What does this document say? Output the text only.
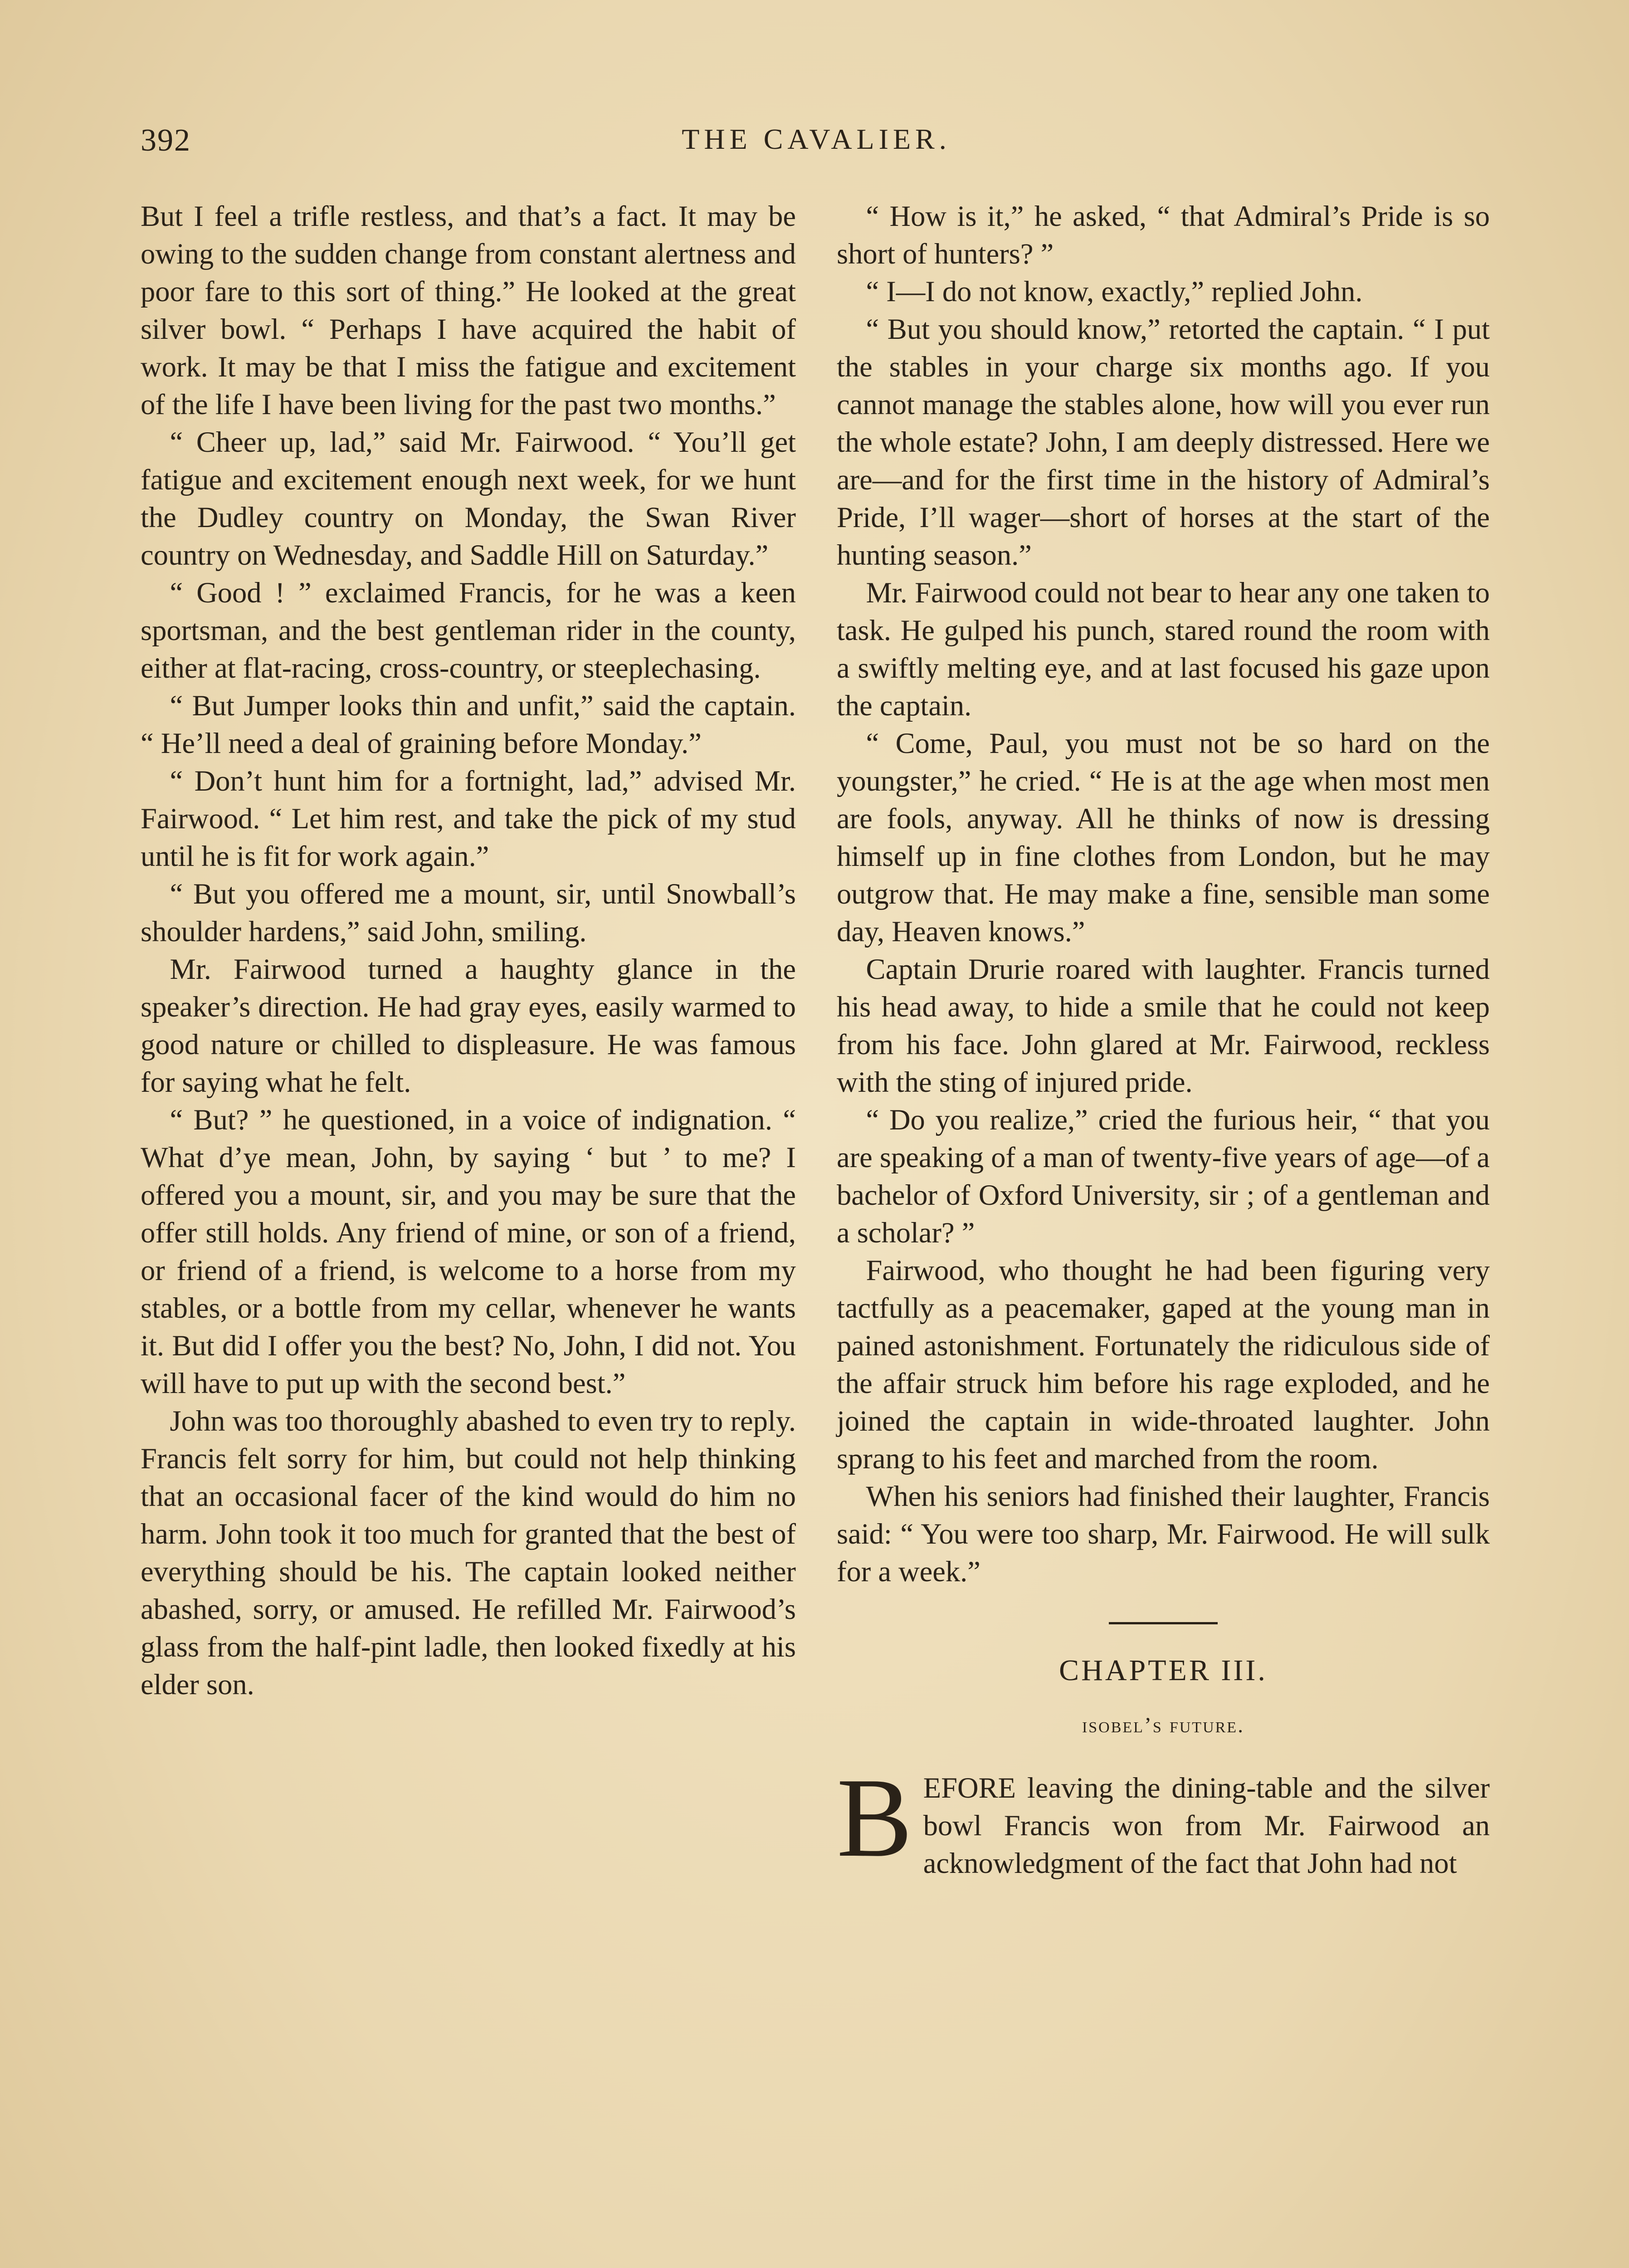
392	THE CAVALIER.

But I feel a trifle restless, and that’s a fact. It may be owing to the sudden change from constant alertness and poor fare to this sort of thing.” He looked at the great silver bowl. “ Perhaps I have acquired the habit of work. It may be that I miss the fatigue and excitement of the life I have been living for the past two months.”

“ Cheer up, lad,” said Mr. Fairwood. “ You’ll get fatigue and excitement enough next week, for we hunt the Dudley country on Monday, the Swan River country on Wednesday, and Saddle Hill on Saturday.”

“ Good ! ” exclaimed Francis, for he was a keen sportsman, and the best gentleman rider in the county, either at flat-racing, cross-country, or steeplechasing.

“ But Jumper looks thin and unfit,” said the captain. “ He’ll need a deal of graining before Monday.”

“ Don’t hunt him for a fortnight, lad,” advised Mr. Fairwood. “ Let him rest, and take the pick of my stud until he is fit for work again.”

“ But you offered me a mount, sir, until Snowball’s shoulder hardens,” said John, smiling.

Mr. Fairwood turned a haughty glance in the speaker’s direction. He had gray eyes, easily warmed to good nature or chilled to displeasure. He was famous for saying what he felt.

“ But? ” he questioned, in a voice of indignation. “ What d’ye mean, John, by saying ‘ but ’ to me? I offered you a mount, sir, and you may be sure that the offer still holds. Any friend of mine, or son of a friend, or friend of a friend, is welcome to a horse from my stables, or a bottle from my cellar, whenever he wants it. But did I offer you the best? No, John, I did not. You will have to put up with the second best.”

John was too thoroughly abashed to even try to reply. Francis felt sorry for him, but could not help thinking that an occasional facer of the kind would do him no harm. John took it too much for granted that the best of everything should be his. The captain looked neither abashed, sorry, or amused. He refilled Mr. Fairwood’s glass from the half-pint ladle, then looked fixedly at his elder son.

“ How is it,” he asked, “ that Admiral’s Pride is so short of hunters? ”

“ I—I do not know, exactly,” replied John.

“ But you should know,” retorted the captain. “ I put the stables in your charge six months ago. If you cannot manage the stables alone, how will you ever run the whole estate? John, I am deeply distressed. Here we are—and for the first time in the history of Admiral’s Pride, I’ll wager—short of horses at the start of the hunting season.”

Mr. Fairwood could not bear to hear any one taken to task. He gulped his punch, stared round the room with a swiftly melting eye, and at last focused his gaze upon the captain.

“ Come, Paul, you must not be so hard on the youngster,” he cried. “ He is at the age when most men are fools, anyway. All he thinks of now is dressing himself up in fine clothes from London, but he may outgrow that. He may make a fine, sensible man some day, Heaven knows.”

Captain Drurie roared with laughter. Francis turned his head away, to hide a smile that he could not keep from his face. John glared at Mr. Fairwood, reckless with the sting of injured pride.

“ Do you realize,” cried the furious heir, “ that you are speaking of a man of twenty-five years of age—of a bachelor of Oxford University, sir ; of a gentleman and a scholar? ”

Fairwood, who thought he had been figuring very tactfully as a peacemaker, gaped at the young man in pained astonishment. Fortunately the ridiculous side of the affair struck him before his rage exploded, and he joined the captain in wide-throated laughter. John sprang to his feet and marched from the room.

When his seniors had finished their laughter, Francis said: “ You were too sharp, Mr. Fairwood. He will sulk for a week.”

CHAPTER III.
isobel’s future.

BEFORE leaving the dining-table and the silver bowl Francis won from Mr. Fairwood an acknowledgment of the fact that John had not
